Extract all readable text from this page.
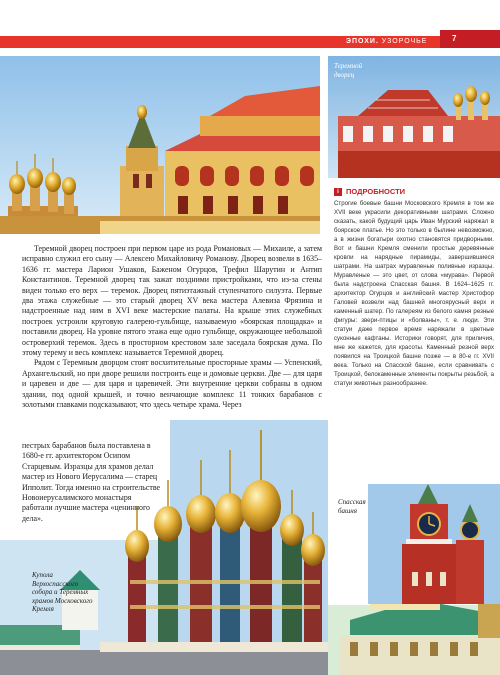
ЭПОХИ. УЗОРОЧЬЕ	7
Теремной
дворец
i ПОДРОБНОСТИ
Строгие боевые башни Московского Кремля в том же XVII веке украсили декоративными шатрами. Сложно сказать, какой будущий царь Иван Мурский наряжал в боярское платье. Но это только в былине невозможно, а в жизни богатыри охотно становятся придворными. Вот и башни Кремля сменили простые деревянные кровли на нарядные пирамиды, завершившиеся шатрами. На шатрах муравленые поливные изразцы. Муравленые — это цвет, от слова «мурава». Первой была надстроена Спасская башня. В 1624–1625 гг. архитектор Огурцов и английский мастер Христофор Галовей возвели над башней многоярусный верх и каменный шатер. По галереям из белого камня резные фигуры: звери-птицы и «болваны», т. е. люди. Эти статуи даже первое время наряжали в цветные суконные кафтаны. Историки говорят, для приличия, мне же кажется, для красоты. Каменный резной верх появился на Троицкой башне позже — в 80-е гг. XVII века. Только на Спасской башне, если сравнивать с Троицкой, белокаменные элементы покрыты резьбой, а статуи животных разнообразнее.

Теремной дворец построен при первом царе из рода Романовых — Михаиле, а затем исправно служил его сыну — Алексею Михайловичу Романову. Дворец возвели в 1635–1636 гг. мастера Ларион Ушаков, Баженом Огурцов, Трефил Шарутин и Антип Константинов. Теремной дворец так зажат поздними пристройками, что из-за стены виден только его верх — теремок. Дворец пятиэтажный ступенчатого силуэта. Первые два этажа служебные — это старый дворец XV века мастера Алевиза Фрязина и надстроенные над ним в XVI веке мастерские палаты. На крыше этих служебных построек устроили круговую галерею-гульбище, называемую «боярская площадка» и поставили дворец. На уровне пятого этажа еще одно гульбище, окружающее небольшой островерхий теремок. Здесь в просторном крестовом зале заседала боярская дума. По этому терему и весь комплекс называется Теремной дворец.

Рядом с Теремным дворцом стоят восхитительные просторные храмы — Успенский, Архангельский, но при дворе решили построить еще и домовые церкви. Две — для царя и царевен и две — для царя и царевичей. Эти внутренние церкви собраны в одном здании, под одной крышей, и точно венчающие комплекс 11 тонких барабанов с золотыми главками подсказывают, что здесь четыре храма. Через

Спасская
башня
пестрых барабанов была поставлена в 1680-е гг. архитектором Осипом Старцевым. Изразцы для храмов делал мастер из Нового Иерусалима — старец Ипполит. Тогда именно на строительстве Новоиерусалимского монастыря работали лучшие мастера «ценинного дела».
Купола
Верхоспасского
собора и Теремных
храмов Московского
Кремля
